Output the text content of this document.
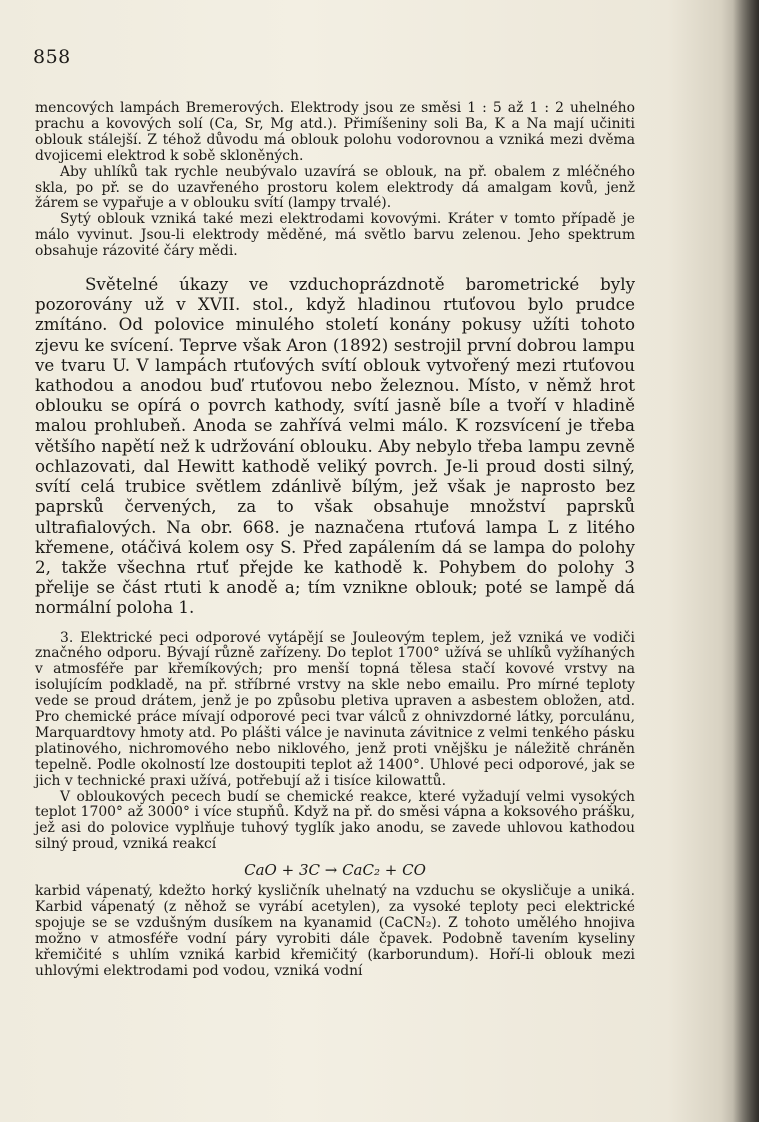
858

mencových lampách Bremerových. Elektrody jsou ze směsi 1 : 5 až 1 : 2 uhelného prachu a kovových solí (Ca, Sr, Mg atd.). Přimíšeniny soli Ba, K a Na mají učiniti oblouk stálejší. Z téhož důvodu má oblouk polohu vodorovnou a vzniká mezi dvěma dvojicemi elektrod k sobě skloněných.

Aby uhlíků tak rychle neubývalo uzavírá se oblouk, na př. obalem z mléčného skla, po př. se do uzavřeného prostoru kolem elektrody dá amalgam kovů, jenž žárem se vypařuje a v oblouku svítí (lampy trvalé).

Sytý oblouk vzniká také mezi elektrodami kovovými. Kráter v tomto případě je málo vyvinut. Jsou-li elektrody měděné, má světlo barvu zelenou. Jeho spektrum obsahuje rázovité čáry mědi.

Světelné úkazy ve vzduchoprázdnotě barometrické byly pozorovány už v XVII. stol., když hladinou rtuťovou bylo prudce zmítáno. Od polovice minulého století konány pokusy užíti tohoto zjevu ke svícení. Teprve však Aron (1892) sestrojil první dobrou lampu ve tvaru U. V lampách rtuťových svítí oblouk vytvořený mezi rtuťovou kathodou a anodou buď rtuťovou nebo železnou. Místo, v němž hrot oblouku se opírá o povrch kathody, svítí jasně bíle a tvoří v hladině malou prohlubeň. Anoda se zahřívá velmi málo. K rozsvícení je třeba většího napětí než k udržování oblouku. Aby nebylo třeba lampu zevně ochlazovati, dal Hewitt kathodě veliký povrch. Je-li proud dosti silný, svítí celá trubice světlem zdánlivě bílým, jež však je naprosto bez paprsků červených, za to však obsahuje množství paprsků ultrafialových. Na obr. 668. je naznačena rtuťová lampa L z litého křemene, otáčivá kolem osy S. Před zapálením dá se lampa do polohy 2, takže všechna rtuť přejde ke kathodě k. Pohybem do polohy 3 přelije se část rtuti k anodě a; tím vznikne oblouk; poté se lampě dá normální poloha 1.

3. Elektrické peci odporové vytápějí se Jouleovým teplem, jež vzniká ve vodiči značného odporu. Bývají různě zařízeny. Do teplot 1700° užívá se uhlíků vyžíhaných v atmosféře par křemíkových; pro menší topná tělesa stačí kovové vrstvy na isolujícím podkladě, na př. stříbrné vrstvy na skle nebo emailu. Pro mírné teploty vede se proud drátem, jenž je po způsobu pletiva upraven a asbestem obložen, atd. Pro chemické práce mívají odporové peci tvar válců z ohnivzdorné látky, porculánu, Marquardtovy hmoty atd. Po plášti válce je navinuta závitnice z velmi tenkého pásku platinového, nichromového nebo niklového, jenž proti vnějšku je náležitě chráněn tepelně. Podle okolností lze dostoupiti teplot až 1400°. Uhlové peci odporové, jak se jich v technické praxi užívá, potřebují až i tisíce kilowattů.

V obloukových pecech budí se chemické reakce, které vyžadují velmi vysokých teplot 1700° až 3000° i více stupňů. Když na př. do směsi vápna a koksového prášku, jež asi do polovice vyplňuje tuhový tyglík jako anodu, se zavede uhlovou kathodou silný proud, vzniká reakcí

CaO + 3C → CaC₂ + CO

karbid vápenatý, kdežto horký kysličník uhelnatý na vzduchu se okysličuje a uniká. Karbid vápenatý (z něhož se vyrábí acetylen), za vysoké teploty peci elektrické spojuje se se vzdušným dusíkem na kyanamid (CaCN₂). Z tohoto umělého hnojiva možno v atmosféře vodní páry vyrobiti dále čpavek. Podobně tavením kyseliny křemičité s uhlím vzniká karbid křemičitý (karborundum). Hoří-li oblouk mezi uhlovými elektrodami pod vodou, vzniká vodní
